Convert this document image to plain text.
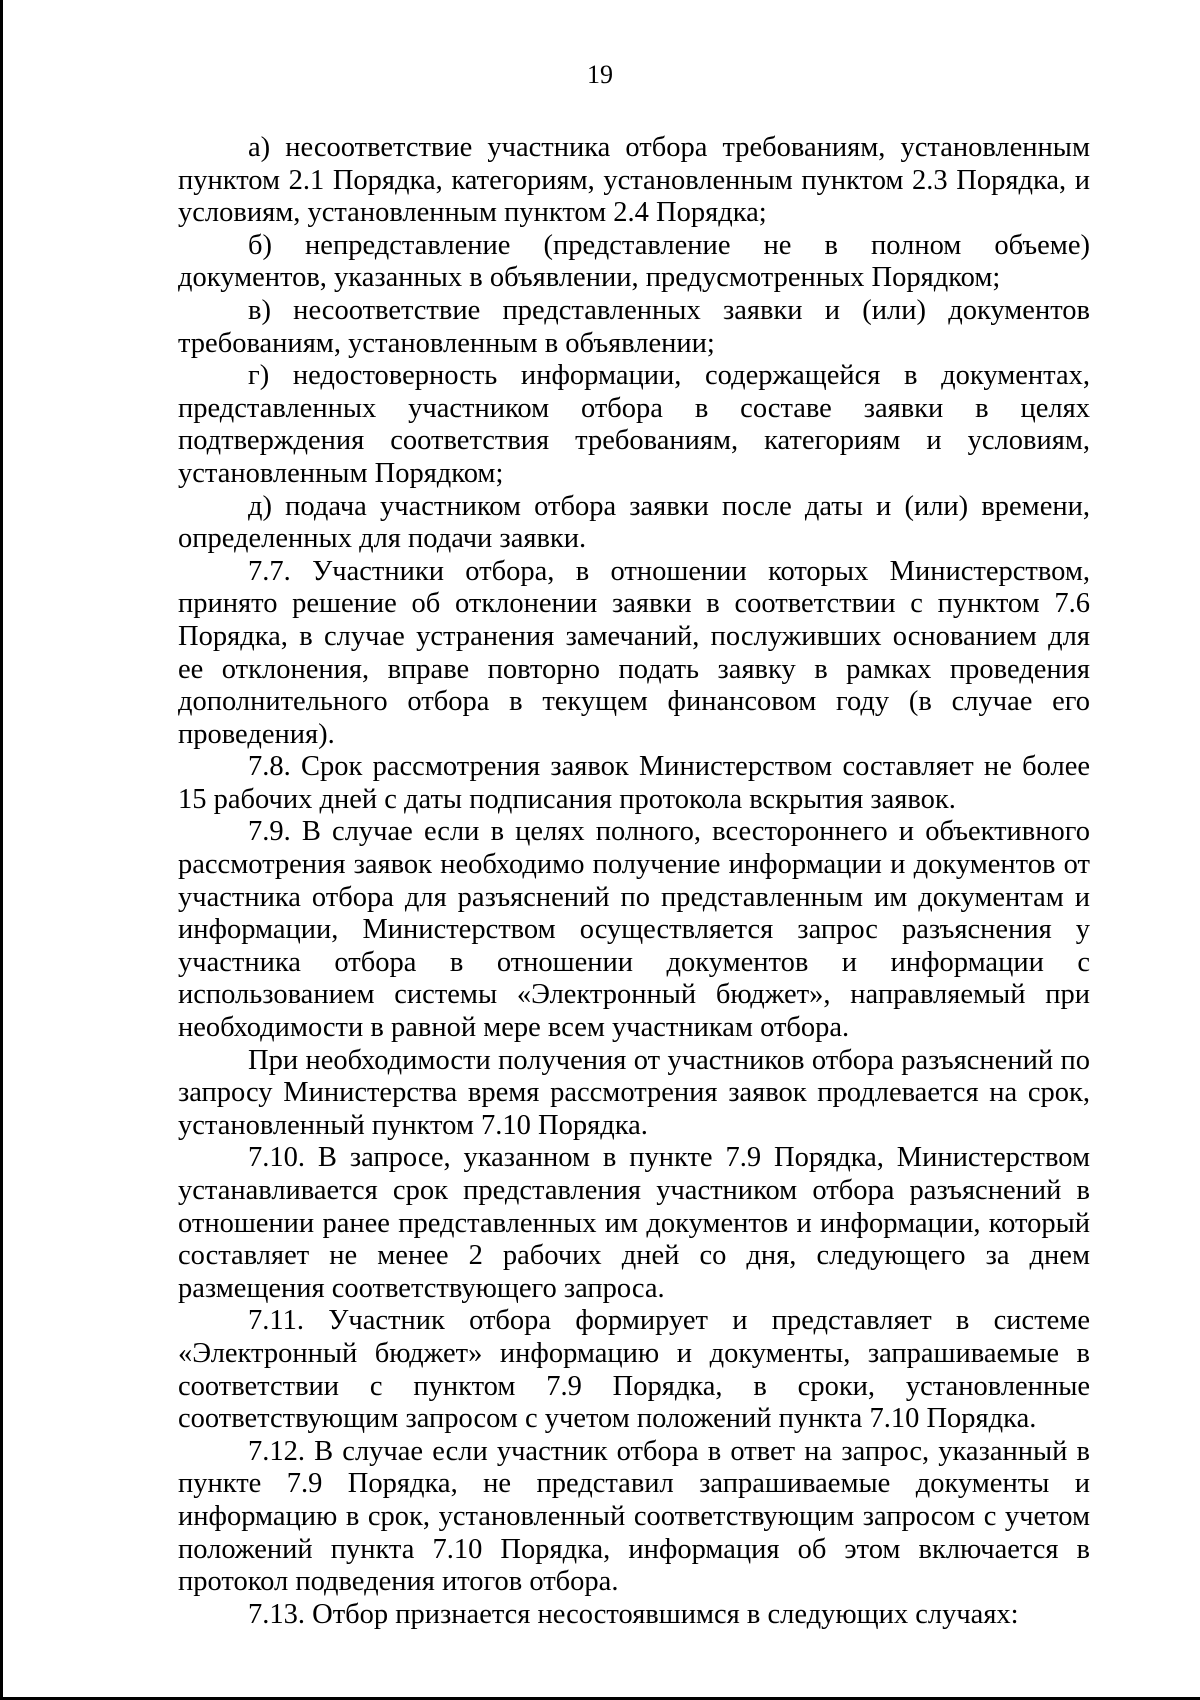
19

а) несоответствие участника отбора требованиям, установленным пунктом 2.1 Порядка, категориям, установленным пунктом 2.3 Порядка, и условиям, установленным пунктом 2.4 Порядка;

б) непредставление (представление не в полном объеме) документов, указанных в объявлении, предусмотренных Порядком;

в) несоответствие представленных заявки и (или) документов требованиям, установленным в объявлении;

г) недостоверность информации, содержащейся в документах, представленных участником отбора в составе заявки в целях подтверждения соответствия требованиям, категориям и условиям, установленным Порядком;

д) подача участником отбора заявки после даты и (или) времени, определенных для подачи заявки.

7.7. Участники отбора, в отношении которых Министерством, принято решение об отклонении заявки в соответствии с пунктом 7.6 Порядка, в случае устранения замечаний, послуживших основанием для ее отклонения, вправе повторно подать заявку в рамках проведения дополнительного отбора в текущем финансовом году (в случае его проведения).

7.8. Срок рассмотрения заявок Министерством составляет не более 15 рабочих дней с даты подписания протокола вскрытия заявок.

7.9. В случае если в целях полного, всестороннего и объективного рассмотрения заявок необходимо получение информации и документов от участника отбора для разъяснений по представленным им документам и информации, Министерством осуществляется запрос разъяснения у участника отбора в отношении документов и информации с использованием системы «Электронный бюджет», направляемый при необходимости в равной мере всем участникам отбора.

При необходимости получения от участников отбора разъяснений по запросу Министерства время рассмотрения заявок продлевается на срок, установленный пунктом 7.10 Порядка.

7.10. В запросе, указанном в пункте 7.9 Порядка, Министерством устанавливается срок представления участником отбора разъяснений в отношении ранее представленных им документов и информации, который составляет не менее 2 рабочих дней со дня, следующего за днем размещения соответствующего запроса.

7.11. Участник отбора формирует и представляет в системе «Электронный бюджет» информацию и документы, запрашиваемые в соответствии с пунктом 7.9 Порядка, в сроки, установленные соответствующим запросом с учетом положений пункта 7.10 Порядка.

7.12. В случае если участник отбора в ответ на запрос, указанный в пункте 7.9 Порядка, не представил запрашиваемые документы и информацию в срок, установленный соответствующим запросом с учетом положений пункта 7.10 Порядка, информация об этом включается в протокол подведения итогов отбора.

7.13. Отбор признается несостоявшимся в следующих случаях:
